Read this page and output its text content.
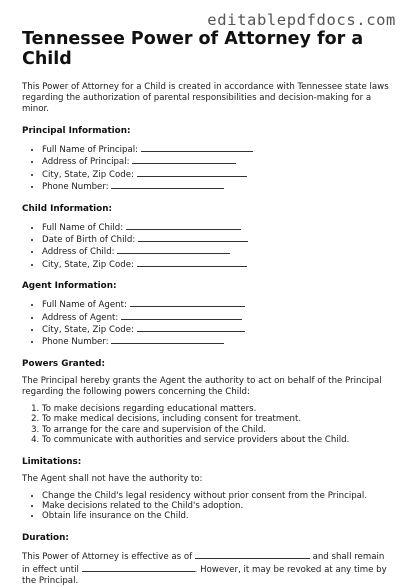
editablepdfdocs.com
Tennessee Power of Attorney for a Child

This Power of Attorney for a Child is created in accordance with Tennessee state laws regarding the authorization of parental responsibilities and decision-making for a minor.

Principal Information:
• Full Name of Principal:
• Address of Principal:
• City, State, Zip Code:
• Phone Number:
Child Information:
• Full Name of Child:
• Date of Birth of Child:
• Address of Child:
• City, State, Zip Code:
Agent Information:
• Full Name of Agent:
• Address of Agent:
• City, State, Zip Code:
• Phone Number:
Powers Granted:

The Principal hereby grants the Agent the authority to act on behalf of the Principal regarding the following powers concerning the Child:

1. To make decisions regarding educational matters.
2. To make medical decisions, including consent for treatment.
3. To arrange for the care and supervision of the Child.
4. To communicate with authorities and service providers about the Child.
Limitations:

The Agent shall not have the authority to:

• Change the Child's legal residency without prior consent from the Principal.
• Make decisions related to the Child's adoption.
• Obtain life insurance on the Child.
Duration:

This Power of Attorney is effective as of	and shall remain in effect until	. However, it may be revoked at any time by the Principal.
